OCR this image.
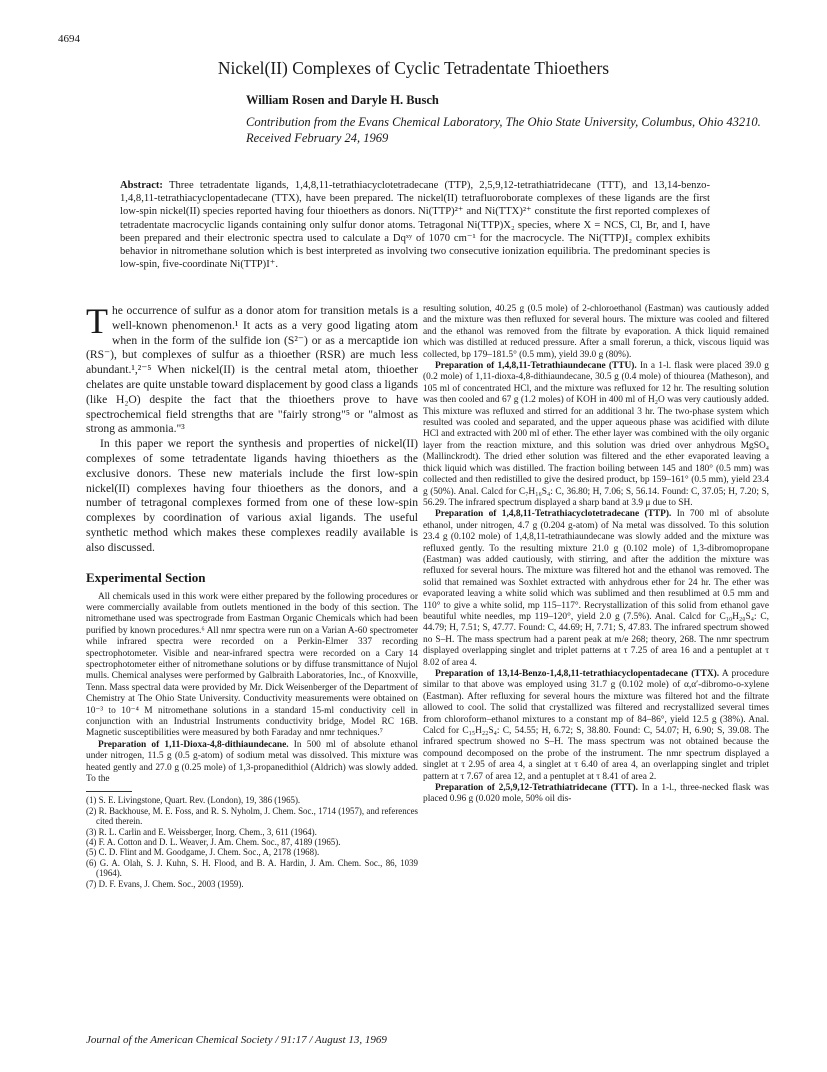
4694
Nickel(II) Complexes of Cyclic Tetradentate Thioethers
William Rosen and Daryle H. Busch
Contribution from the Evans Chemical Laboratory, The Ohio State University, Columbus, Ohio 43210. Received February 24, 1969
Abstract: Three tetradentate ligands, 1,4,8,11-tetrathiacyclotetradecane (TTP), 2,5,9,12-tetrathiatridecane (TTT), and 13,14-benzo-1,4,8,11-tetrathiacyclopentadecane (TTX), have been prepared. The nickel(II) tetrafluoroborate complexes of these ligands are the first low-spin nickel(II) species reported having four thioethers as donors. Ni(TTP)²⁺ and Ni(TTX)²⁺ constitute the first reported complexes of tetradentate macrocyclic ligands containing only sulfur donor atoms. Tetragonal Ni(TTP)X₂ species, where X = NCS, Cl, Br, and I, have been prepared and their electronic spectra used to calculate a Dqˣʸ of 1070 cm⁻¹ for the macrocycle. The Ni(TTP)I₂ complex exhibits behavior in nitromethane solution which is best interpreted as involving two consecutive ionization equilibria. The predominant species is low-spin, five-coordinate Ni(TTP)I⁺.

The occurrence of sulfur as a donor atom for transition metals is a well-known phenomenon.¹ It acts as a very good ligating atom when in the form of the sulfide ion (S²⁻) or as a mercaptide ion (RS⁻), but complexes of sulfur as a thioether (RSR) are much less abundant.¹,²⁻⁵ When nickel(II) is the central metal atom, thioether chelates are quite unstable toward displacement by good class a ligands (like H₂O) despite the fact that the thioethers prove to have spectrochemical field strengths that are "fairly strong"⁵ or "almost as strong as ammonia."³

In this paper we report the synthesis and properties of nickel(II) complexes of some tetradentate ligands having thioethers as the exclusive donors. These new materials include the first low-spin nickel(II) complexes having four thioethers as the donors, and a number of tetragonal complexes formed from one of these low-spin complexes by coordination of various axial ligands. The useful synthetic method which makes these complexes readily available is also discussed.

Experimental Section

All chemicals used in this work were either prepared by the following procedures or were commercially available from outlets mentioned in the body of this section. The nitromethane used was spectrograde from Eastman Organic Chemicals which had been purified by known procedures.⁶ All nmr spectra were run on a Varian A-60 spectrometer while infrared spectra were recorded on a Perkin-Elmer 337 recording spectrophotometer. Visible and near-infrared spectra were recorded on a Cary 14 spectrophotometer either of nitromethane solutions or by diffuse transmittance of Nujol mulls. Chemical analyses were performed by Galbraith Laboratories, Inc., of Knoxville, Tenn. Mass spectral data were provided by Mr. Dick Weisenberger of the Department of Chemistry at The Ohio State University. Conductivity measurements were obtained on 10⁻³ to 10⁻⁴ M nitromethane solutions in a standard 15-ml conductivity cell in conjunction with an Industrial Instruments conductivity bridge, Model RC 16B. Magnetic susceptibilities were measured by both Faraday and nmr techniques.⁷

Preparation of 1,11-Dioxa-4,8-dithiaundecane. In 500 ml of absolute ethanol under nitrogen, 11.5 g (0.5 g-atom) of sodium metal was dissolved. This mixture was heated gently and 27.0 g (0.25 mole) of 1,3-propanedithiol (Aldrich) was slowly added. To the

(1) S. E. Livingstone, Quart. Rev. (London), 19, 386 (1965).

(2) R. Backhouse, M. E. Foss, and R. S. Nyholm, J. Chem. Soc., 1714 (1957), and references cited therein.

(3) R. L. Carlin and E. Weissberger, Inorg. Chem., 3, 611 (1964).

(4) F. A. Cotton and D. L. Weaver, J. Am. Chem. Soc., 87, 4189 (1965).

(5) C. D. Flint and M. Goodgame, J. Chem. Soc., A, 2178 (1968).

(6) G. A. Olah, S. J. Kuhn, S. H. Flood, and B. A. Hardin, J. Am. Chem. Soc., 86, 1039 (1964).

(7) D. F. Evans, J. Chem. Soc., 2003 (1959).

resulting solution, 40.25 g (0.5 mole) of 2-chloroethanol (Eastman) was cautiously added and the mixture was then refluxed for several hours. The mixture was cooled and filtered and the ethanol was removed from the filtrate by evaporation. A thick liquid remained which was distilled at reduced pressure. After a small forerun, a thick, viscous liquid was collected, bp 179–181.5° (0.5 mm), yield 39.0 g (80%).

Preparation of 1,4,8,11-Tetrathiaundecane (TTU). In a 1-l. flask were placed 39.0 g (0.2 mole) of 1,11-dioxa-4,8-dithiaundecane, 30.5 g (0.4 mole) of thiourea (Matheson), and 105 ml of concentrated HCl, and the mixture was refluxed for 12 hr. The resulting solution was then cooled and 67 g (1.2 moles) of KOH in 400 ml of H₂O was very cautiously added. This mixture was refluxed and stirred for an additional 3 hr. The two-phase system which resulted was cooled and separated, and the upper aqueous phase was acidified with dilute HCl and extracted with 200 ml of ether. The ether layer was combined with the oily organic layer from the reaction mixture, and this solution was dried over anhydrous MgSO₄ (Mallinckrodt). The dried ether solution was filtered and the ether evaporated leaving a thick liquid which was distilled. The fraction boiling between 145 and 180° (0.5 mm) was collected and then redistilled to give the desired product, bp 159–161° (0.5 mm), yield 23.4 g (50%). Anal. Calcd for C₇H₁₆S₄: C, 36.80; H, 7.06; S, 56.14. Found: C, 37.05; H, 7.20; S, 56.29. The infrared spectrum displayed a sharp band at 3.9 μ due to SH.

Preparation of 1,4,8,11-Tetrathiacyclotetradecane (TTP). In 700 ml of absolute ethanol, under nitrogen, 4.7 g (0.204 g-atom) of Na metal was dissolved. To this solution 23.4 g (0.102 mole) of 1,4,8,11-tetrathiaundecane was slowly added and the mixture was refluxed gently. To the resulting mixture 21.0 g (0.102 mole) of 1,3-dibromopropane (Eastman) was added cautiously, with stirring, and after the addition the mixture was refluxed for several hours. The mixture was filtered hot and the ethanol was removed. The solid that remained was Soxhlet extracted with anhydrous ether for 24 hr. The ether was evaporated leaving a white solid which was sublimed and then resublimed at 0.5 mm and 110° to give a white solid, mp 115–117°. Recrystallization of this solid from ethanol gave beautiful white needles, mp 119–120°, yield 2.0 g (7.5%). Anal. Calcd for C₁₀H₂₀S₄: C, 44.79; H, 7.51; S, 47.77. Found: C, 44.69; H, 7.71; S, 47.83. The infrared spectrum showed no S–H. The mass spectrum had a parent peak at m/e 268; theory, 268. The nmr spectrum displayed overlapping singlet and triplet patterns at τ 7.25 of area 16 and a pentuplet at τ 8.02 of area 4.

Preparation of 13,14-Benzo-1,4,8,11-tetrathiacyclopentadecane (TTX). A procedure similar to that above was employed using 31.7 g (0.102 mole) of α,α′-dibromo-o-xylene (Eastman). After refluxing for several hours the mixture was filtered hot and the filtrate allowed to cool. The solid that crystallized was filtered and recrystallized several times from chloroform–ethanol mixtures to a constant mp of 84–86°, yield 12.5 g (38%). Anal. Calcd for C₁₅H₂₂S₄: C, 54.55; H, 6.72; S, 38.80. Found: C, 54.07; H, 6.90; S, 39.08. The infrared spectrum showed no S–H. The mass spectrum was not obtained because the compound decomposed on the probe of the instrument. The nmr spectrum displayed a singlet at τ 2.95 of area 4, a singlet at τ 6.40 of area 4, an overlapping singlet and triplet pattern at τ 7.67 of area 12, and a pentuplet at τ 8.41 of area 2.

Preparation of 2,5,9,12-Tetrathiatridecane (TTT). In a 1-l., three-necked flask was placed 0.96 g (0.020 mole, 50% oil dis-

Journal of the American Chemical Society / 91:17 / August 13, 1969
